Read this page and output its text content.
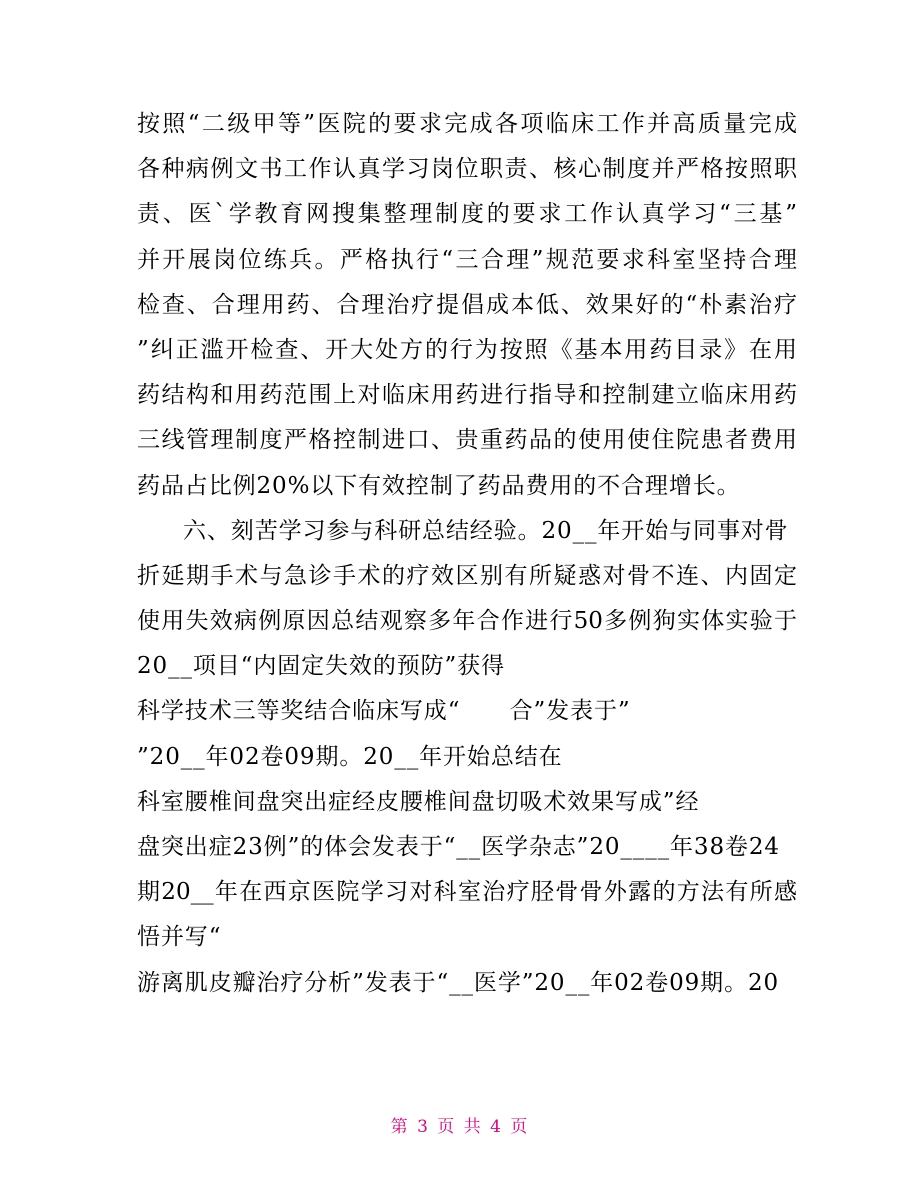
按照“二级甲等”医院的要求完成各项临床工作并高质量完成
各种病例文书工作认真学习岗位职责、核心制度并严格按照职
责、医`学教育网搜集整理制度的要求工作认真学习“三基”
并开展岗位练兵。严格执行“三合理”规范要求科室坚持合理
检查、合理用药、合理治疗提倡成本低、效果好的“朴素治疗
”纠正滥开检查、开大处方的行为按照《基本用药目录》在用
药结构和用药范围上对临床用药进行指导和控制建立临床用药
三线管理制度严格控制进口、贵重药品的使用使住院患者费用
药品占比例20%以下有效控制了药品费用的不合理增长。
六、刻苦学习参与科研总结经验。20__年开始与同事对骨
折延期手术与急诊手术的疗效区别有所疑惑对骨不连、内固定
使用失效病例原因总结观察多年合作进行50多例狗实体实验于
20__项目“内固定失效的预防”获得
科学技术三等奖结合临床写成“      合”发表于”
”20__年02卷09期。20__年开始总结在
科室腰椎间盘突出症经皮腰椎间盘切吸术效果写成”经
盘突出症23例”的体会发表于“__医学杂志”20____年38卷24
期20__年在西京医院学习对科室治疗胫骨骨外露的方法有所感
悟并写“
游离肌皮瓣治疗分析”发表于“__医学”20__年02卷09期。20
第 3 页 共 4 页
